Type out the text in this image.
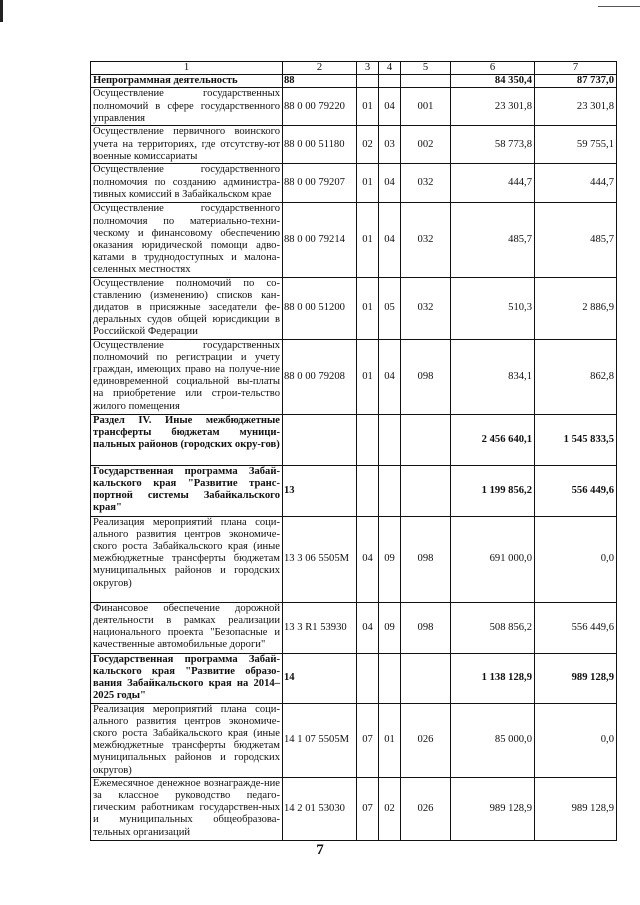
1	2	3	4	5	6	7
Непрограммная деятельность	88				84 350,4	87 737,0
Осуществление государственных полномочий в сфере государственного управления	88 0 00 79220	01	04	001	23 301,8	23 301,8
Осуществление первичного воинского учета на территориях, где отсутству-ют военные комиссариаты	88 0 00 51180	02	03	002	58 773,8	59 755,1
Осуществление государственного полномочия по созданию администра-тивных комиссий в Забайкальском крае	88 0 00 79207	01	04	032	444,7	444,7
Осуществление государственного полномочия по материально-техни-ческому и финансовому обеспечению оказания юридической помощи адво-катами в труднодоступных и малона-селенных местностях	88 0 00 79214	01	04	032	485,7	485,7
Осуществление полномочий по со-ставлению (изменению) списков кан-дидатов в присяжные заседатели фе-деральных судов общей юрисдикции в Российской Федерации	88 0 00 51200	01	05	032	510,3	2 886,9
Осуществление государственных полномочий по регистрации и учету граждан, имеющих право на получе-ние единовременной социальной вы-платы на приобретение или строи-тельство жилого помещения	88 0 00 79208	01	04	098	834,1	862,8
Раздел IV. Иные межбюджетные трансферты бюджетам муници-пальных районов (городских окру-гов)					2 456 640,1	1 545 833,5
Государственная программа Забай-кальского края "Развитие транс-портной системы Забайкальского края"	13				1 199 856,2	556 449,6
Реализация мероприятий плана соци-ального развития центров экономиче-ского роста Забайкальского края (иные межбюджетные трансферты бюджетам муниципальных районов и городских округов)	13 3 06 5505М	04	09	098	691 000,0	0,0
Финансовое обеспечение дорожной деятельности в рамках реализации национального проекта "Безопасные и качественные автомобильные дороги"	13 3 R1 53930	04	09	098	508 856,2	556 449,6
Государственная программа Забай-кальского края "Развитие образо-вания Забайкальского края на 2014–2025 годы"	14				1 138 128,9	989 128,9
Реализация мероприятий плана соци-ального развития центров экономиче-ского роста Забайкальского края (иные межбюджетные трансферты бюджетам муниципальных районов и городских округов)	14 1 07 5505М	07	01	026	85 000,0	0,0
Ежемесячное денежное вознагражде-ние за классное руководство педаго-гическим работникам государствен-ных и муниципальных общеобразова-тельных организаций	14 2 01 53030	07	02	026	989 128,9	989 128,9
7
